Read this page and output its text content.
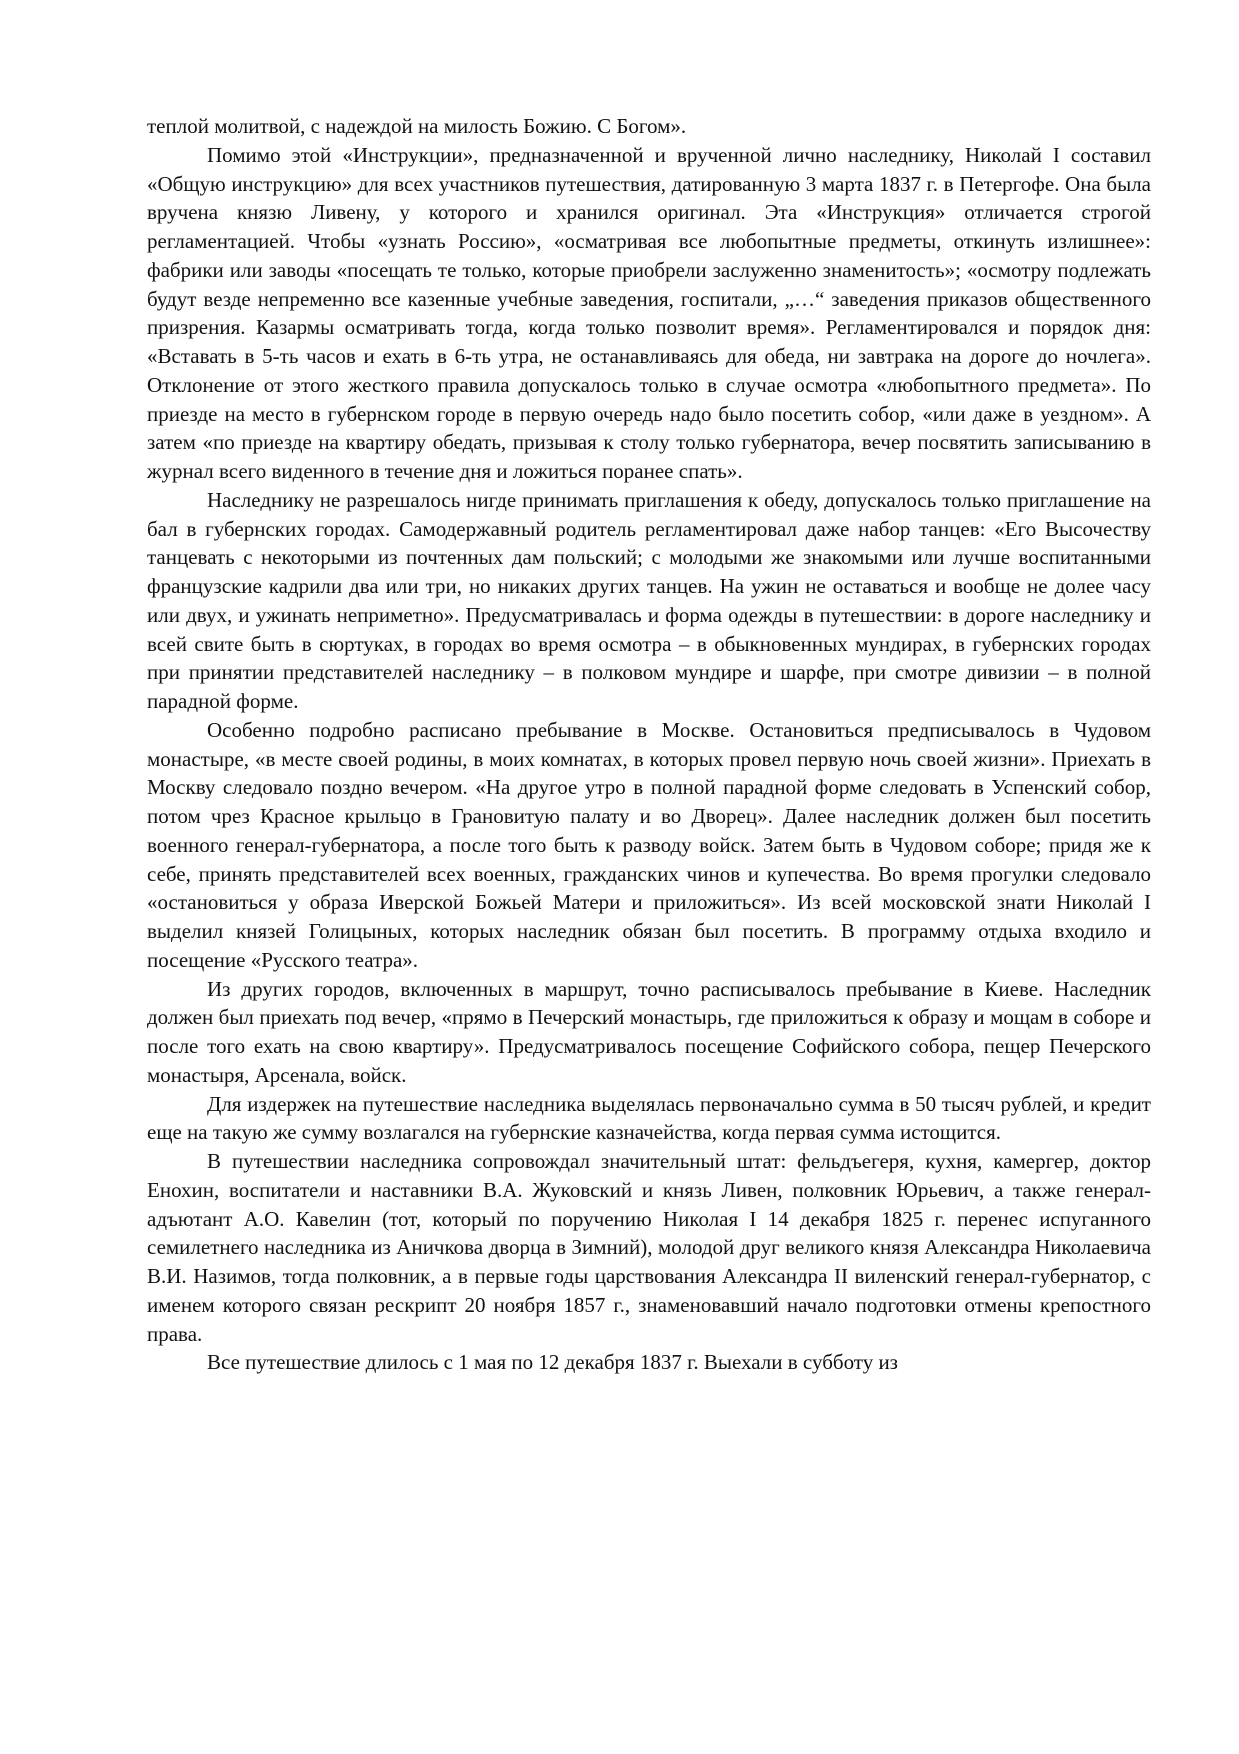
теплой молитвой, с надеждой на милость Божию. С Богом».

Помимо этой «Инструкции», предназначенной и врученной лично наследнику, Николай I составил «Общую инструкцию» для всех участников путешествия, датированную 3 марта 1837 г. в Петергофе. Она была вручена князю Ливену, у которого и хранился оригинал. Эта «Инструкция» отличается строгой регламентацией. Чтобы «узнать Россию», «осматривая все любопытные предметы, откинуть излишнее»: фабрики или заводы «посещать те только, которые приобрели заслуженно знаменитость»; «осмотру подлежать будут везде непременно все казенные учебные заведения, госпитали, „…“ заведения приказов общественного призрения. Казармы осматривать тогда, когда только позволит время». Регламентировался и порядок дня: «Вставать в 5-ть часов и ехать в 6-ть утра, не останавливаясь для обеда, ни завтрака на дороге до ночлега». Отклонение от этого жесткого правила допускалось только в случае осмотра «любопытного предмета». По приезде на место в губернском городе в первую очередь надо было посетить собор, «или даже в уездном». А затем «по приезде на квартиру обедать, призывая к столу только губернатора, вечер посвятить записыванию в журнал всего виденного в течение дня и ложиться поранее спать».

Наследнику не разрешалось нигде принимать приглашения к обеду, допускалось только приглашение на бал в губернских городах. Самодержавный родитель регламентировал даже набор танцев: «Его Высочеству танцевать с некоторыми из почтенных дам польский; с молодыми же знакомыми или лучше воспитанными французские кадрили два или три, но никаких других танцев. На ужин не оставаться и вообще не долее часу или двух, и ужинать неприметно». Предусматривалась и форма одежды в путешествии: в дороге наследнику и всей свите быть в сюртуках, в городах во время осмотра – в обыкновенных мундирах, в губернских городах при принятии представителей наследнику – в полковом мундире и шарфе, при смотре дивизии – в полной парадной форме.

Особенно подробно расписано пребывание в Москве. Остановиться предписывалось в Чудовом монастыре, «в месте своей родины, в моих комнатах, в которых провел первую ночь своей жизни». Приехать в Москву следовало поздно вечером. «На другое утро в полной парадной форме следовать в Успенский собор, потом чрез Красное крыльцо в Грановитую палату и во Дворец». Далее наследник должен был посетить военного генерал-губернатора, а после того быть к разводу войск. Затем быть в Чудовом соборе; придя же к себе, принять представителей всех военных, гражданских чинов и купечества. Во время прогулки следовало «остановиться у образа Иверской Божьей Матери и приложиться». Из всей московской знати Николай I выделил князей Голицыных, которых наследник обязан был посетить. В программу отдыха входило и посещение «Русского театра».

Из других городов, включенных в маршрут, точно расписывалось пребывание в Киеве. Наследник должен был приехать под вечер, «прямо в Печерский монастырь, где приложиться к образу и мощам в соборе и после того ехать на свою квартиру». Предусматривалось посещение Софийского собора, пещер Печерского монастыря, Арсенала, войск.

Для издержек на путешествие наследника выделялась первоначально сумма в 50 тысяч рублей, и кредит еще на такую же сумму возлагался на губернские казначейства, когда первая сумма истощится.

В путешествии наследника сопровождал значительный штат: фельдъегеря, кухня, камергер, доктор Енохин, воспитатели и наставники В.А. Жуковский и князь Ливен, полковник Юрьевич, а также генерал-адъютант А.О. Кавелин (тот, который по поручению Николая I 14 декабря 1825 г. перенес испуганного семилетнего наследника из Аничкова дворца в Зимний), молодой друг великого князя Александра Николаевича В.И. Назимов, тогда полковник, а в первые годы царствования Александра II виленский генерал-губернатор, с именем которого связан рескрипт 20 ноября 1857 г., знаменовавший начало подготовки отмены крепостного права.

Все путешествие длилось с 1 мая по 12 декабря 1837 г. Выехали в субботу из
